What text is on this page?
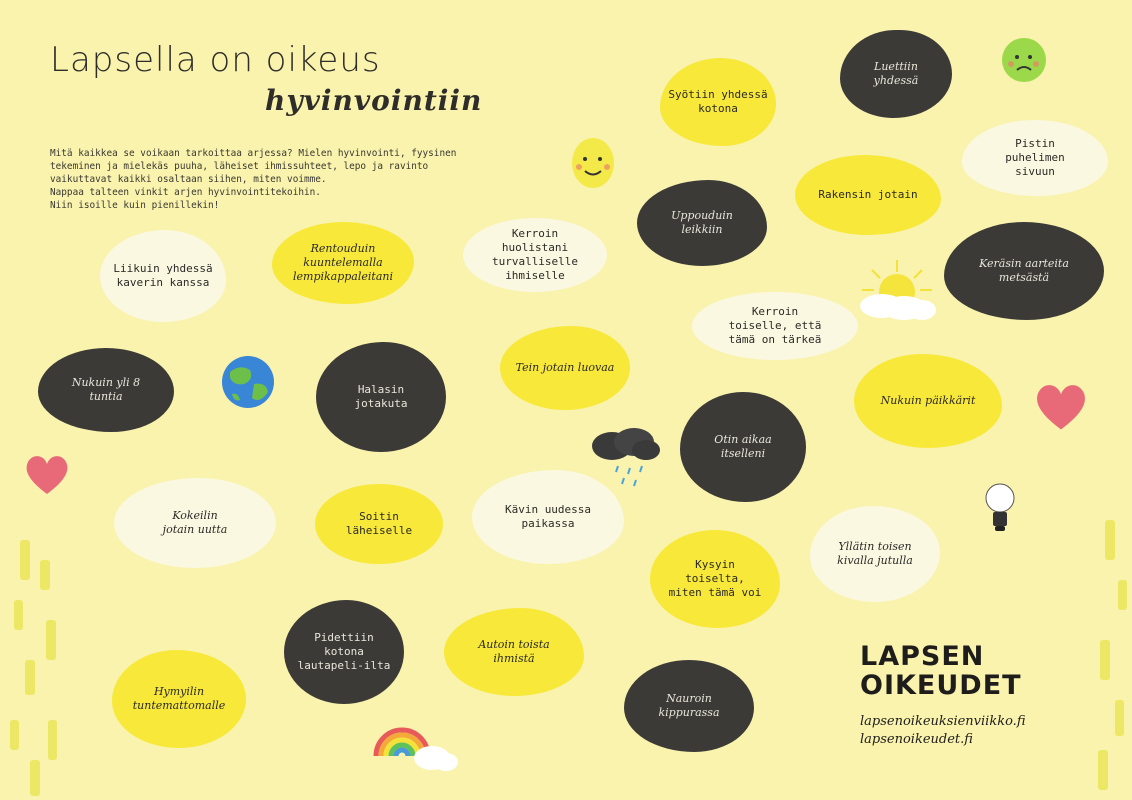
Lapsella on oikeus
hyvinvointiin
Mitä kaikkea se voikaan tarkoittaa arjessa? Mielen hyvinvointi, fyysinen
tekeminen ja mielekäs puuha, läheiset ihmissuhteet, lepo ja ravinto
vaikuttavat kaikki osaltaan siihen, miten voimme.
Nappaa talteen vinkit arjen hyvinvointitekoihin.
Niin isoille kuin pienillekin!
Luettiin
yhdessä
Syötiin yhdessä
kotona
Pistin
puhelimen
sivuun
Rakensin jotain
Uppouduin
leikkiin
Kerroin
huolistani
turvalliselle
ihmiselle
Rentouduin
kuuntelemalla
lempikappaleitani
Liikuin yhdessä
kaverin kanssa
Keräsin aarteita
metsästä
Kerroin
toiselle, että
tämä on tärkeä
Tein jotain luovaa
Nukuin yli 8
tuntia
Halasin
jotakuta	Nukuin päikkärit
Otin aikaa
itselleni
Kokeilin
jotain uutta
Soitin
läheiselle
Kävin uudessa
paikassa
Yllätin toisen
kivalla jutulla
Kysyin
toiselta,
miten tämä voi
Pidettiin
kotona
lautapeli-ilta
Autoin toista
ihmistä
Hymyilin
tuntemattomalle
Nauroin
kippurassa
LAPSEN
OIKEUDET
lapsenoikeuksienviikko.fi
lapsenoikeudet.fi
